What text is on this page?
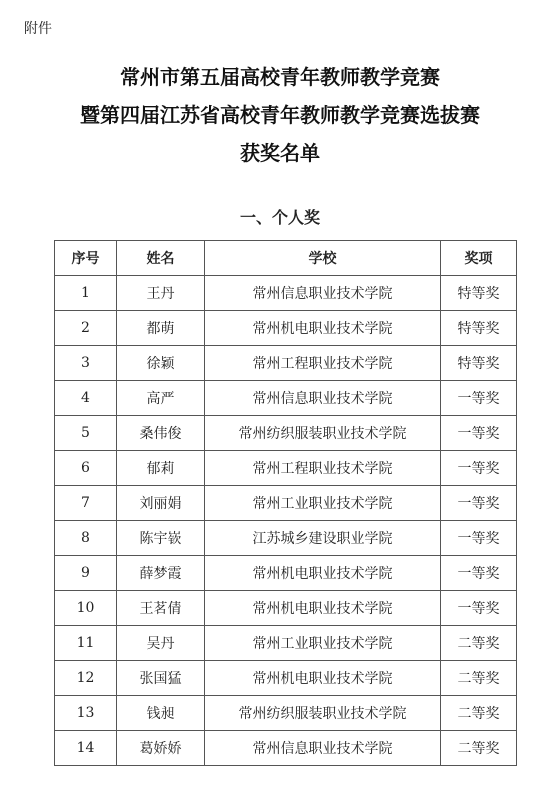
附件
常州市第五届高校青年教师教学竞赛
暨第四届江苏省高校青年教师教学竞赛选拔赛
获奖名单
一、个人奖
序号	姓名	学校	奖项
1	王丹	常州信息职业技术学院	特等奖
2	都萌	常州机电职业技术学院	特等奖
3	徐颖	常州工程职业技术学院	特等奖
4	高严	常州信息职业技术学院	一等奖
5	桑伟俊	常州纺织服装职业技术学院	一等奖
6	郁莉	常州工程职业技术学院	一等奖
7	刘丽娟	常州工业职业技术学院	一等奖
8	陈宇嵚	江苏城乡建设职业学院	一等奖
9	薛梦霞	常州机电职业技术学院	一等奖
10	王茗倩	常州机电职业技术学院	一等奖
11	吴丹	常州工业职业技术学院	二等奖
12	张国猛	常州机电职业技术学院	二等奖
13	钱昶	常州纺织服装职业技术学院	二等奖
14	葛娇娇	常州信息职业技术学院	二等奖
